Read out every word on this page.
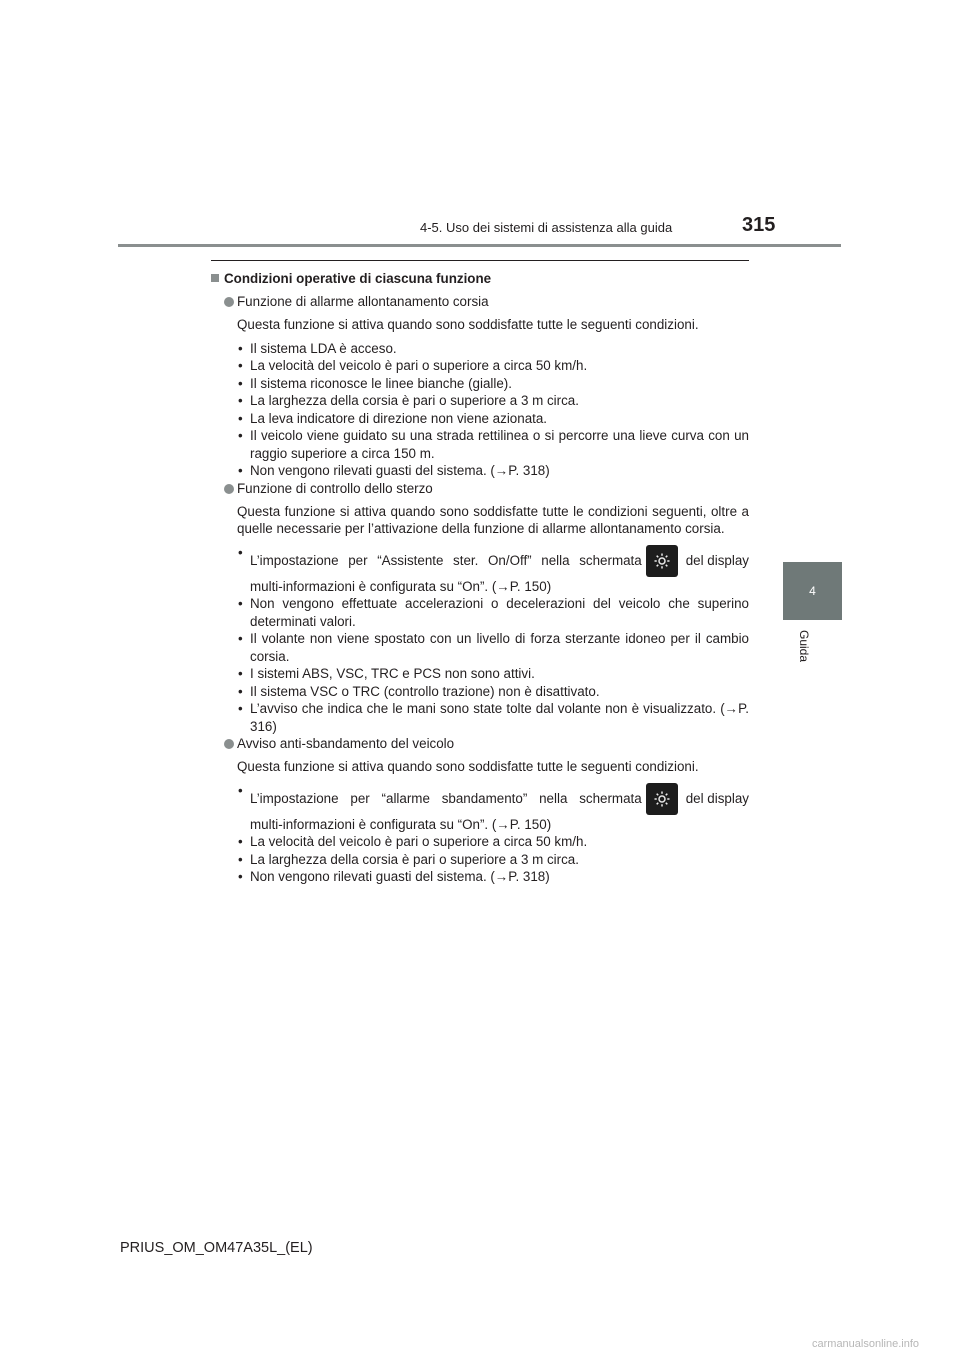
4-5. Uso dei sistemi di assistenza alla guida	315
4
Guida
Condizioni operative di ciascuna funzione
Funzione di allarme allontanamento corsia
Questa funzione si attiva quando sono soddisfatte tutte le seguenti condizioni.
• Il sistema LDA è acceso.
• La velocità del veicolo è pari o superiore a circa 50 km/h.
• Il sistema riconosce le linee bianche (gialle).
• La larghezza della corsia è pari o superiore a 3 m circa.
• La leva indicatore di direzione non viene azionata.
• Il veicolo viene guidato su una strada rettilinea o si percorre una lieve curva con un raggio superiore a circa 150 m.
• Non vengono rilevati guasti del sistema. (→P. 318)
Funzione di controllo dello sterzo
Questa funzione si attiva quando sono soddisfatte tutte le condizioni seguenti, oltre a quelle necessarie per l’attivazione della funzione di allarme allontanamento corsia.
• L’impostazione per “Assistente ster. On/Off” nella schermata	del display
multi-informazioni è configurata su “On”. (→P. 150)
• Non vengono effettuate accelerazioni o decelerazioni del veicolo che superino determinati valori.
• Il volante non viene spostato con un livello di forza sterzante idoneo per il cambio corsia.
• I sistemi ABS, VSC, TRC e PCS non sono attivi.
• Il sistema VSC o TRC (controllo trazione) non è disattivato.
• L’avviso che indica che le mani sono state tolte dal volante non è visualizzato. (→P. 316)
Avviso anti-sbandamento del veicolo
Questa funzione si attiva quando sono soddisfatte tutte le seguenti condizioni.
• L’impostazione per “allarme sbandamento” nella schermata	del display
multi-informazioni è configurata su “On”. (→P. 150)
• La velocità del veicolo è pari o superiore a circa 50 km/h.
• La larghezza della corsia è pari o superiore a 3 m circa.
• Non vengono rilevati guasti del sistema. (→P. 318)
PRIUS_OM_OM47A35L_(EL)
carmanualsonline.info
